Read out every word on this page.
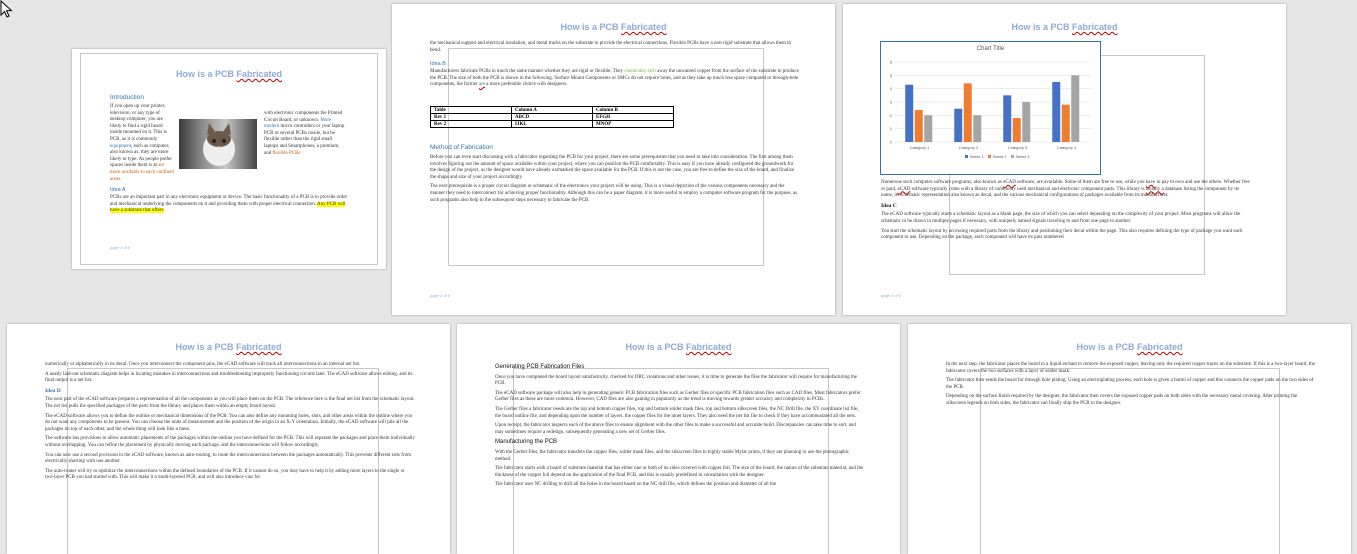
How is a PCB Fabricated
Introduction
If you open up your printer, television, or any type of desktop computer, you are likely to find a rigid board inside mounted on it. This is PCB, as it is commonly equipment, such as computer, also known as, they are more likely to type. As people prefer spaces inside them is at are more available to each confined areas.
with electronic components the Printed Circuit Board, or unknown. More modern micro controllers or your laptop PCB or several PCBs inside, but be flexible rather than the rigid small laptops and Smartphones, a premium, and flexible PCBs
Idea A
PCBs are an important part in any electronic equipment or device. The basic functionality of a PCB is to provide order and mechanical underlying the components on it and providing them with proper electrical connection. Any PCB will have a substrate that offers
page 1 of 6
How is a PCB Fabricated

the mechanical support and electrical insulation, and metal tracks on the substrate to provide the electrical connections. Flexible PCBs have a non-rigid substrate that allows them to bend.

Idea B
Manufacturers fabricate PCBs in much the same manner whether they are rigid or flexible. They chemically etch away the unwanted copper from the surface of the substrate to produce the PCB. The size of both the PCB is shown in the following. Surface Mount Components or SMCs do not require holes, and as they take up much less space compared to through-hole components, the former are a more preferable choice with designers.
Table	Column A	Column B
Rev 1	ABCD	EFGH
Rev 2	IJKL	MNOP
Method of Fabrication

Before you can even start discussing with a fabricator regarding the PCB for your project, there are some prerequisites that you need to take into consideration. The first among them involves figuring out the amount of space available within your project, where you can position the PCB comfortably. This is easy if you have already configured the groundwork for the design of the project, as the designer would have already earmarked the space available for the PCB. If this is not the case, you are free to define the size of the board, and finalize the shape and size of your project accordingly.

The next prerequisite is a proper circuit diagram or schematic of the electronics your project will be using. This is a visual depiction of the various components necessary and the manner they need to interconnect for achieving proper functionality. Although this can be a paper diagram, it is more useful to employ a computer software program for the purpose, as such programs also help in the subsequent steps necessary to fabricate the PCB.

page 2 of 6
How is a PCB Fabricated
Chart Title
0
1
2
3
4
5
6
Category 1	Category 2	Category 3	Category 4
Series 1 Series 2 Series 3

Numerous such computer software programs, also known as eCAD software, are available. Some of them are free to use, while you have to pay to own and use the others. Whether free or paid, eCAD software typically come with a library of commonly used mechanical and electronic component parts. This library is usually a database listing the component by its name, its schematic representation also known as decal, and the various mechanical configurations of packages available from its manufacturer.

Idea C

The eCAD software typically starts a schematic layout as a blank page, the size of which you can select depending on the complexity of your project. Most programs will allow the schematic to be drawn in multiple pages if necessary, with uniquely named signals traveling to and from one page to another.

You start the schematic layout by accessing required parts from the library and positioning their decal within the page. This also requires defining the type of package you want each component to use. Depending on the package, each component will have its pins numbered

page 3 of 6
How is a PCB Fabricated

numerically or alphabetically in its decal. Once you interconnect the component pins, the eCAD software will track all interconnections in an internal net list.

A neatly laid-out schematic diagram helps in locating mistakes in interconnections and troubleshooting improperly functioning circuits later. The eCAD software allows editing, and its final output is a net list.

Idea D

The next part of the eCAD software prepares a representation of all the components as you will place them on the PCB. The reference here is the final net list from the schematic layout. The net list pulls the specified packages of the parts from the library and places them within an empty board layout.

The eCAD software allows you to define the outline or mechanical dimensions of the PCB. You can also define any mounting holes, slots, and other areas within the outline where you do not want any components to be present. You can choose the units of measurement and the position of the origin in an X-Y orientation. Initially, the eCAD software will pile all the packages on top of each other, and the whole thing will look like a mess.

The software has provisions to allow automatic placements of the packages within the outline you have defined for the PCB. This will separate the packages and place them individually without overlapping. You can refine the placement by physically moving each package, and the interconnections will follow accordingly.

You can now use a second provision in the eCAD software, known as auto-routing, to route the interconnections between the packages automatically. This prevents different nets from electrically shorting with one another.

The auto-router will try to optimize the interconnections within the defined boundaries of the PCB. If it cannot do so, you may have to help it by adding more layers to the single or two-layer PCB you had started with. This will make it a multi-layered PCB, and will also introduce vias for

How is a PCB Fabricated
Generating PCB Fabrication Files

Once you have completed the board layout satisfactorily, checked for DRC violations and other issues, it is time to generate the files the fabricator will require for manufacturing the PCB.

The eCAD software package will also help in generating generic PCB fabrication files such as Gerber files or specific PCB fabrication files such as CAD files. Most fabricators prefer Gerber files as these are more common. However, CAD files are also gaining in popularity as the trend is moving towards greater accuracy and complexity in PCBs.

The Gerber files a fabricator needs are the top and bottom copper files, top and bottom solder mask files, top and bottom silkscreen files, the NC Drill file, the XY coordinate list file, the board outline file, and depending upon the number of layers, the copper files for the inner layers. They also need the net list file to check if they have accommodated all the nets.

Upon receipt, the fabricator inspects each of the above files to ensure alignment with the other files to make a successful and accurate build. Discrepancies can take time to sort, and may sometimes require a redesign, subsequently generating a new set of Gerber files.

Manufacturing the PCB

With the Gerber files, the fabricator transfers the copper files, solder mask files, and the silkscreen files to highly stable Mylar prints, if they are planning to use the photographic method.

The fabricator starts with a board of substrate material that has either one or both of its sides covered with copper foil. The size of the board, the nature of the substrate material, and the thickness of the copper foil depend on the application of the final PCB, and this is usually predefined in consultation with the designer.

The fabricator uses NC drilling to drill all the holes in the board based on the NC drill file, which defines the position and diameter of all the

How is a PCB Fabricated

In the next step, the fabricator places the board in a liquid etchant to remove the exposed copper, leaving only the required copper traces on the substrate. If this is a two-layer board, the fabricator covers the two surfaces with a layer of solder mask.

The fabricator then sends the board for through hole plating. Using an electroplating process, each hole is given a barrel of copper and this connects the copper pads on the two sides of the PCB.

Depending on the surface finish required by the designer, the fabricator then covers the exposed copper pads on both sides with the necessary metal covering. After printing the silkscreen legends on both sides, the fabricator can finally ship the PCB to the designer.
